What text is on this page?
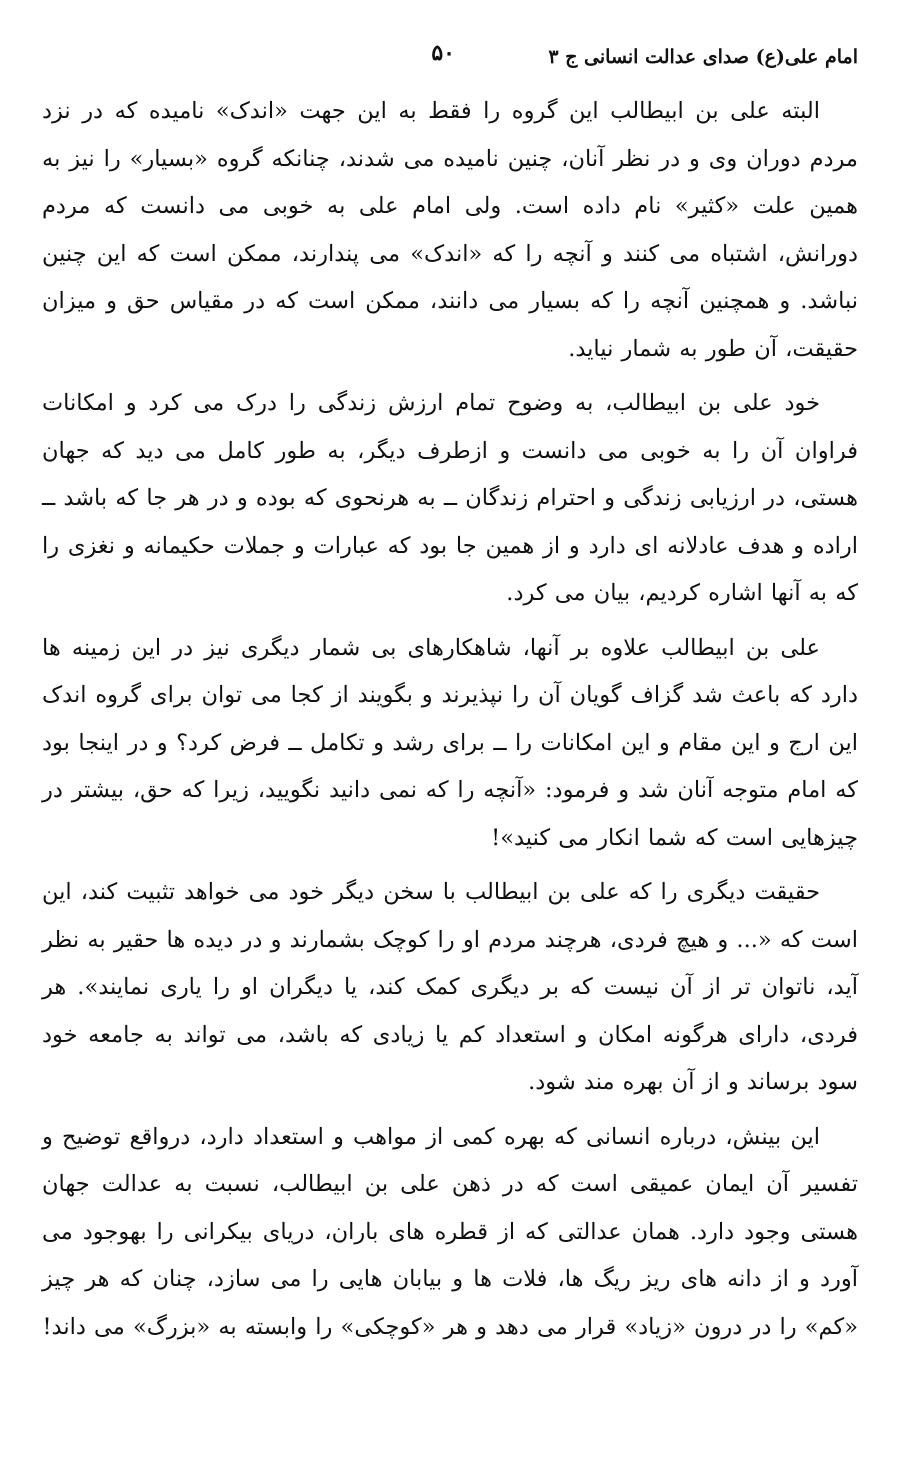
امام علی(ع) صدای عدالت انسانی ج ۳
۵۰

البته علی بن ابیطالب این گروه را فقط به این جهت «اندک» نامیده که در نزد مردم دوران وی و در نظر آنان، چنین نامیده می شدند، چنانکه گروه «بسیار» را نیز به همین علت «کثیر» نام داده است. ولی امام علی به خوبی می دانست که مردم دورانش، اشتباه می کنند و آنچه را که «اندک» می پندارند، ممکن است که این چنین نباشد. و همچنین آنچه را که بسیار می دانند، ممکن است که در مقیاس حق و میزان حقیقت، آن طور به شمار نیاید.

خود علی بن ابیطالب، به وضوح تمام ارزش زندگی را درک می کرد و امکانات فراوان آن را به خوبی می دانست و ازطرف دیگر، به طور کامل می دید که جهان هستی، در ارزیابی زندگی و احترام زندگان ــ به هرنحوی که بوده و در هر جا که باشد ــ اراده و هدف عادلانه ای دارد و از همین جا بود که عبارات و جملات حکیمانه و نغزی را که به آنها اشاره کردیم، بیان می کرد.

علی بن ابیطالب علاوه بر آنها، شاهکارهای بی شمار دیگری نیز در این زمینه ها دارد که باعث شد گزاف گویان آن را نپذیرند و بگویند از کجا می توان برای گروه اندک این ارج و این مقام و این امکانات را ــ برای رشد و تکامل ــ فرض کرد؟ و در اینجا بود که امام متوجه آنان شد و فرمود: «آنچه را که نمی دانید نگویید، زیرا که حق، بیشتر در چیزهایی است که شما انکار می کنید»!

حقیقت دیگری را که علی بن ابیطالب با سخن دیگر خود می خواهد تثبیت کند، این است که «... و هیچ فردی، هرچند مردم او را کوچک بشمارند و در دیده ها حقیر به نظر آید، ناتوان تر از آن نیست که بر دیگری کمک کند، یا دیگران او را یاری نمایند». هر فردی، دارای هرگونه امکان و استعداد کم یا زیادی که باشد، می تواند به جامعه خود سود برساند و از آن بهره مند شود.

این بینش، درباره انسانی که بهره کمی از مواهب و استعداد دارد، درواقع توضیح و تفسیر آن ایمان عمیقی است که در ذهن علی بن ابیطالب، نسبت به عدالت جهان هستی وجود دارد. همان عدالتی که از قطره های باران، دریای بیکرانی را بهوجود می آورد و از دانه های ریز ریگ ها، فلات ها و بیابان هایی را می سازد، چنان که هر چیز «کم» را در درون «زیاد» قرار می دهد و هر «کوچکی» را وابسته به «بزرگ» می داند!
